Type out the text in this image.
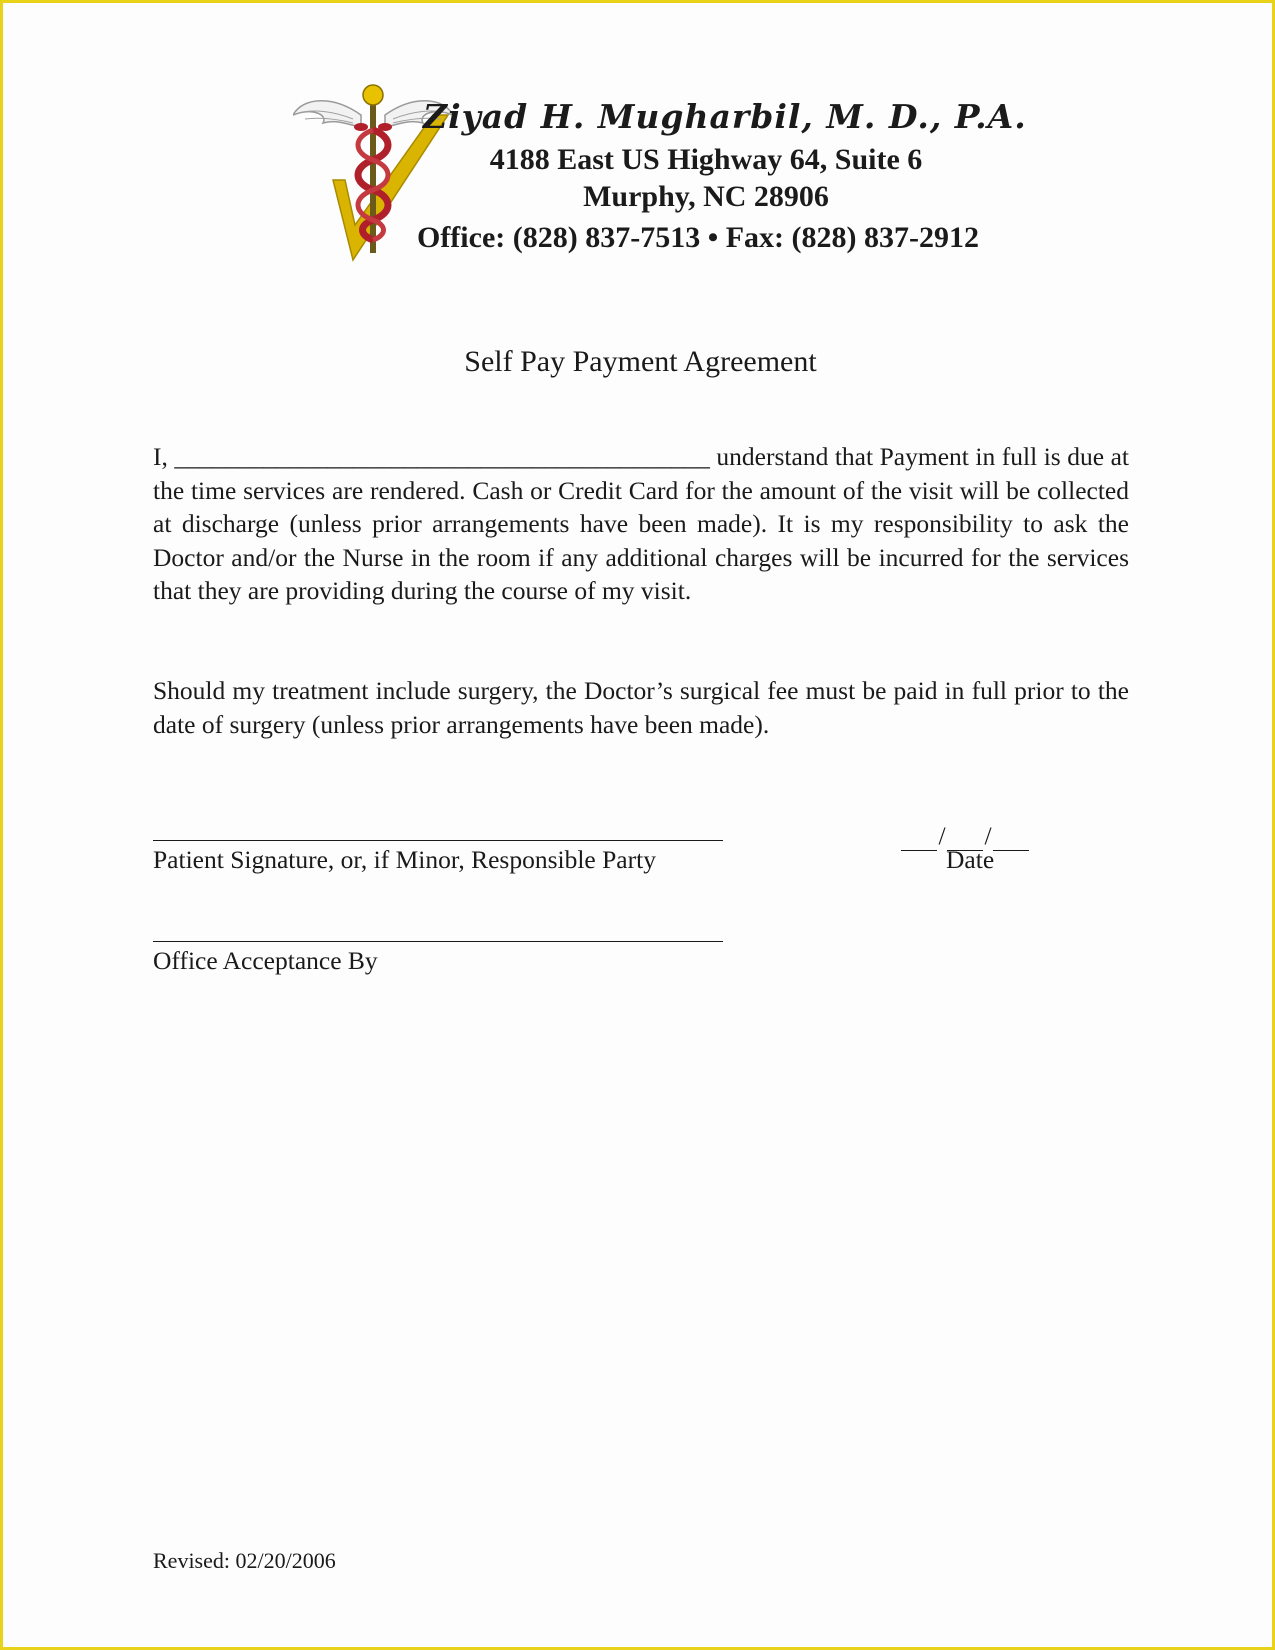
Ziyad H. Mugharbil, M. D., P.A.
4188 East US Highway 64, Suite 6
Murphy, NC 28906
Office: (828) 837-7513 • Fax: (828) 837-2912
Self Pay Payment Agreement
I, __________________________________________ understand that Payment in full is due at the time services are rendered. Cash or Credit Card for the amount of the visit will be collected at discharge (unless prior arrangements have been made). It is my responsibility to ask the Doctor and/or the Nurse in the room if any additional charges will be incurred for the services that they are providing during the course of my visit.
Should my treatment include surgery, the Doctor’s surgical fee must be paid in full prior to the date of surgery (unless prior arrangements have been made).
Patient Signature, or, if Minor, Responsible Party
/ /
Date
Office Acceptance By
Revised: 02/20/2006
